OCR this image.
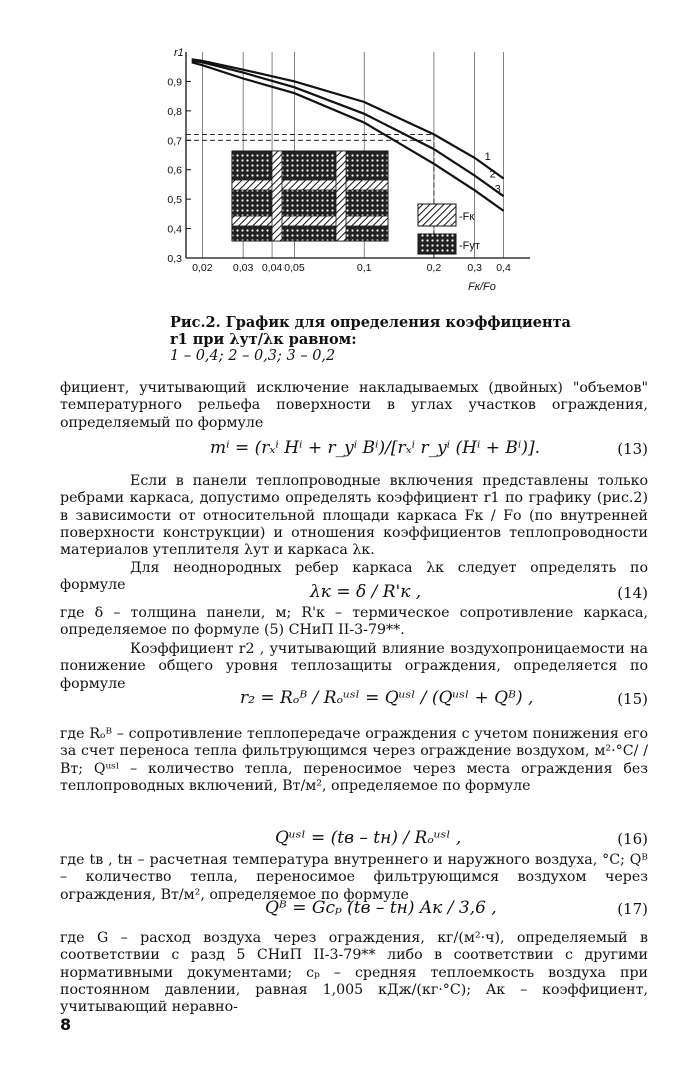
0,02 0,03 0,04 0,05	0,1	0,2 0,3 0,4
0,3
0,4
0,5
0,6
0,7
0,8
0,9
-Fк
-Fут
1
2
3
r1
Fк/Fo
Рис.2. График для определения коэффициента
r1 при λут/λк равном:
1 – 0,4; 2 – 0,3; 3 – 0,2
фициент, учитывающий исключение накладываемых (двойных) "объемов" температурного рельефа поверхности в углах участков ограждения, определяемый по формуле
mⁱ = (rₓⁱ Hⁱ + r_yⁱ Bⁱ)/[rₓⁱ r_yⁱ (Hⁱ + Bⁱ)].	(13)
Если в панели теплопроводные включения представлены только ребрами каркаса, допустимо определять коэффициент r1 по графику (рис.2) в зависимости от относительной площади каркаса Fк / Fо (по внутренней поверхности конструкции) и отношения коэффициентов теплопроводности материалов утеплителя λут и каркаса λк.
Для неоднородных ребер каркаса λк следует определять по формуле	λк = δ / R'к ,	(14)
где δ – толщина панели, м; R'к – термическое сопротивление каркаса, определяемое по формуле (5) СНиП II-3-79**.
Коэффициент r2 , учитывающий влияние воздухопроницаемости на понижение общего уровня теплозащиты ограждения, определяется по формуле
r₂ = Rₒᴮ / Rₒᵘˢˡ = Qᵘˢˡ / (Qᵘˢˡ + Qᴮ) ,	(15)
где Rₒᴮ – сопротивление теплопередаче ограждения с учетом понижения его за счет переноса тепла фильтрующимся через ограждение воздухом, м²·°С/ /Вт; Qᵘˢˡ – количество тепла, переносимое через места ограждения без теплопроводных включений, Вт/м², определяемое по формуле
Qᵘˢˡ = (tв – tн) / Rₒᵘˢˡ ,	(16)
где tв , tн – расчетная температура внутреннего и наружного воздуха, °С; Qᴮ – количество тепла, переносимое фильтрующимся воздухом через ограждения, Вт/м², определяемое по формуле
Qᴮ = Gcₚ (tв – tн) Aк / 3,6 ,	(17)
где G – расход воздуха через ограждения, кг/(м²·ч), определяемый в соответствии с разд 5 СНиП II-3-79** либо в соответствии с другими нормативными документами; cₚ – средняя теплоемкость воздуха при постоянном давлении, равная 1,005 кДж/(кг·°С); Aк – коэффициент, учитывающий неравно-
8
